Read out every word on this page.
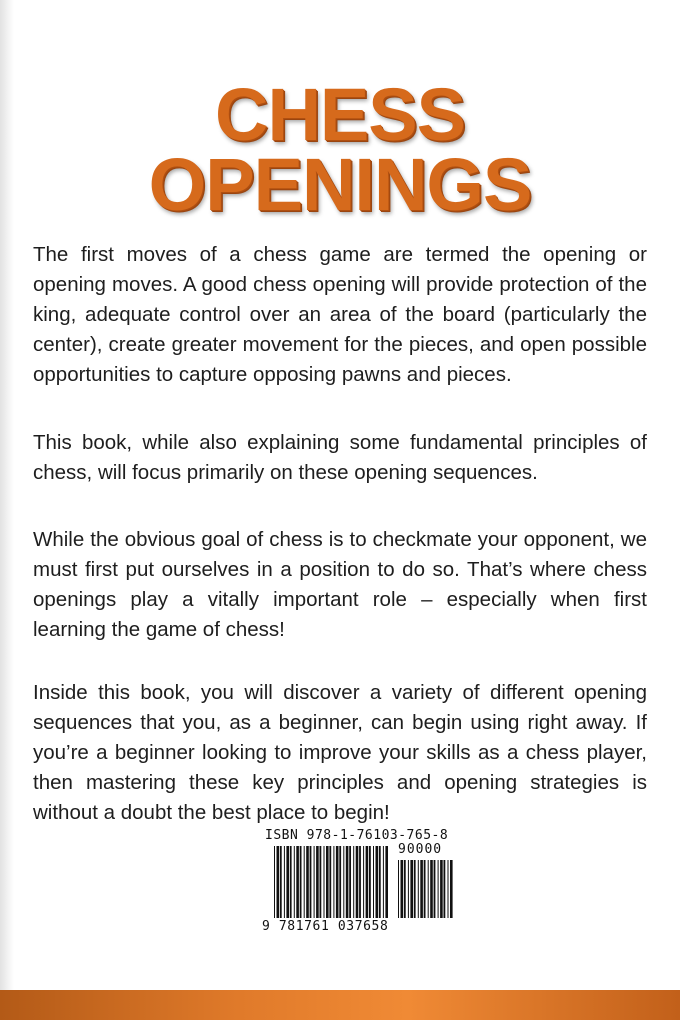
CHESS
OPENINGS

The first moves of a chess game are termed the opening or opening moves. A good chess opening will provide protection of the king, adequate control over an area of the board (particularly the center), create greater movement for the pieces, and open possible opportunities to capture opposing pawns and pieces.

This book, while also explaining some fundamental principles of chess, will focus primarily on these opening sequences.

While the obvious goal of chess is to checkmate your opponent, we must first put ourselves in a position to do so. That’s where chess openings play a vitally important role – especially when first learning the game of chess!

Inside this book, you will discover a variety of different opening sequences that you, as a beginner, can begin using right away. If you’re a beginner looking to improve your skills as a chess player, then mastering these key principles and opening strategies is without a doubt the best place to begin!

ISBN 978-1-76103-765-8
90000
9 781761 037658
